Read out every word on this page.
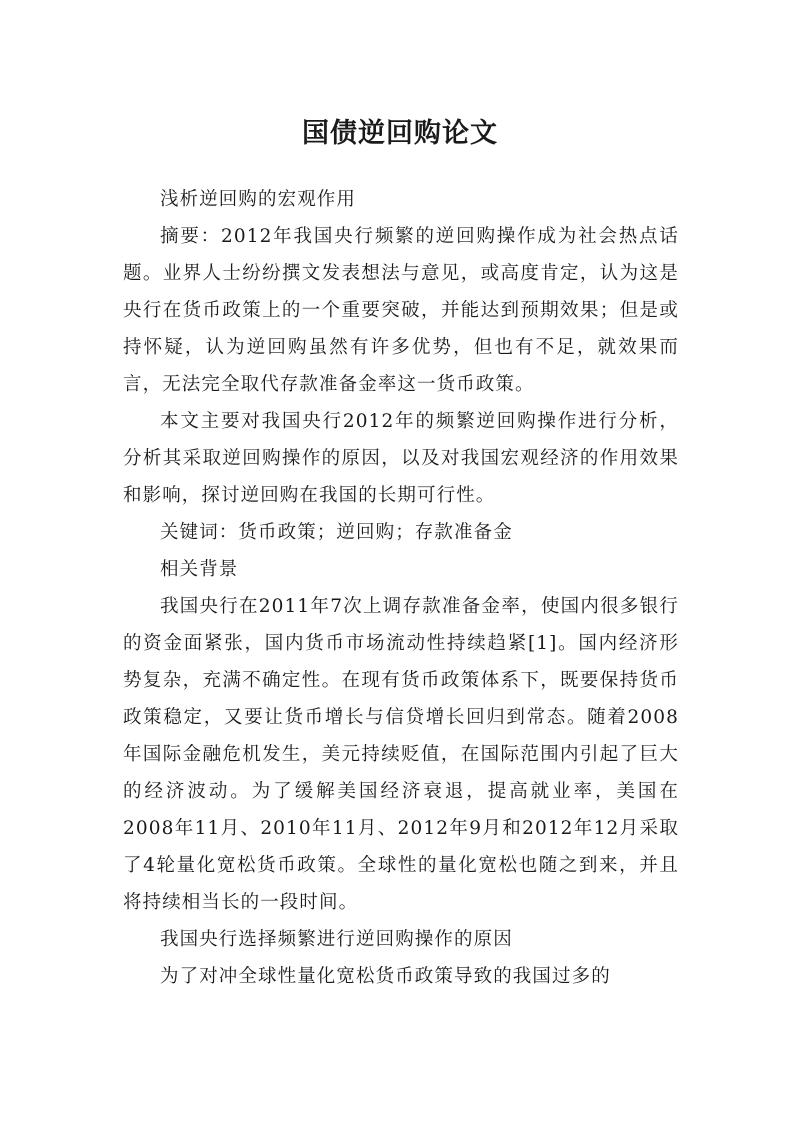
国债逆回购论文

浅析逆回购的宏观作用

摘要：2012年我国央行频繁的逆回购操作成为社会热点话题。业界人士纷纷撰文发表想法与意见，或高度肯定，认为这是央行在货币政策上的一个重要突破，并能达到预期效果；但是或持怀疑，认为逆回购虽然有许多优势，但也有不足，就效果而言，无法完全取代存款准备金率这一货币政策。

本文主要对我国央行2012年的频繁逆回购操作进行分析，分析其采取逆回购操作的原因，以及对我国宏观经济的作用效果和影响，探讨逆回购在我国的长期可行性。

关键词：货币政策；逆回购；存款准备金

相关背景

我国央行在2011年7次上调存款准备金率，使国内很多银行的资金面紧张，国内货币市场流动性持续趋紧[1]。国内经济形势复杂，充满不确定性。在现有货币政策体系下，既要保持货币政策稳定，又要让货币增长与信贷增长回归到常态。随着2008年国际金融危机发生，美元持续贬值，在国际范围内引起了巨大的经济波动。为了缓解美国经济衰退，提高就业率，美国在2008年11月、2010年11月、2012年9月和2012年12月采取了4轮量化宽松货币政策。全球性的量化宽松也随之到来，并且将持续相当长的一段时间。

我国央行选择频繁进行逆回购操作的原因

为了对冲全球性量化宽松货币政策导致的我国过多的
